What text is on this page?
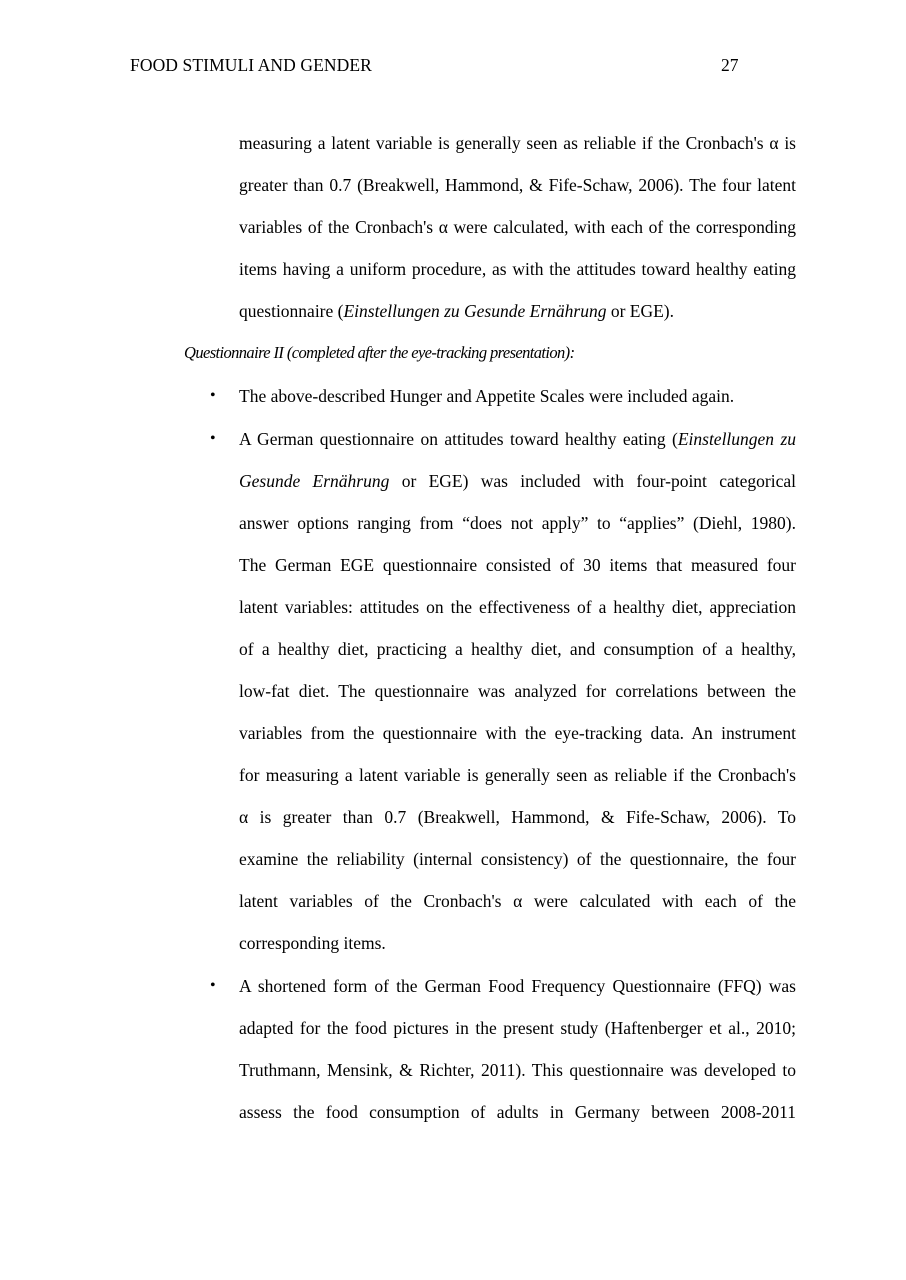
FOOD STIMULI AND GENDER	27
measuring a latent variable is generally seen as reliable if the Cronbach's α is
greater than 0.7 (Breakwell, Hammond, & Fife-Schaw, 2006). The four latent
variables of the Cronbach's α were calculated, with each of the corresponding
items having a uniform procedure, as with the attitudes toward healthy eating
questionnaire (Einstellungen zu Gesunde Ernährung or EGE).
Questionnaire II (completed after the eye-tracking presentation):
• The above-described Hunger and Appetite Scales were included again.
• A German questionnaire on attitudes toward healthy eating (Einstellungen zu
Gesunde Ernährung or EGE) was included with four-point categorical
answer options ranging from “does not apply” to “applies” (Diehl, 1980).
The German EGE questionnaire consisted of 30 items that measured four
latent variables: attitudes on the effectiveness of a healthy diet, appreciation
of a healthy diet, practicing a healthy diet, and consumption of a healthy,
low-fat diet. The questionnaire was analyzed for correlations between the
variables from the questionnaire with the eye-tracking data. An instrument
for measuring a latent variable is generally seen as reliable if the Cronbach's
α is greater than 0.7 (Breakwell, Hammond, & Fife-Schaw, 2006). To
examine the reliability (internal consistency) of the questionnaire, the four
latent variables of the Cronbach's α were calculated with each of the
corresponding items.
• A shortened form of the German Food Frequency Questionnaire (FFQ) was
adapted for the food pictures in the present study (Haftenberger et al., 2010;
Truthmann, Mensink, & Richter, 2011). This questionnaire was developed to
assess the food consumption of adults in Germany between 2008-2011
